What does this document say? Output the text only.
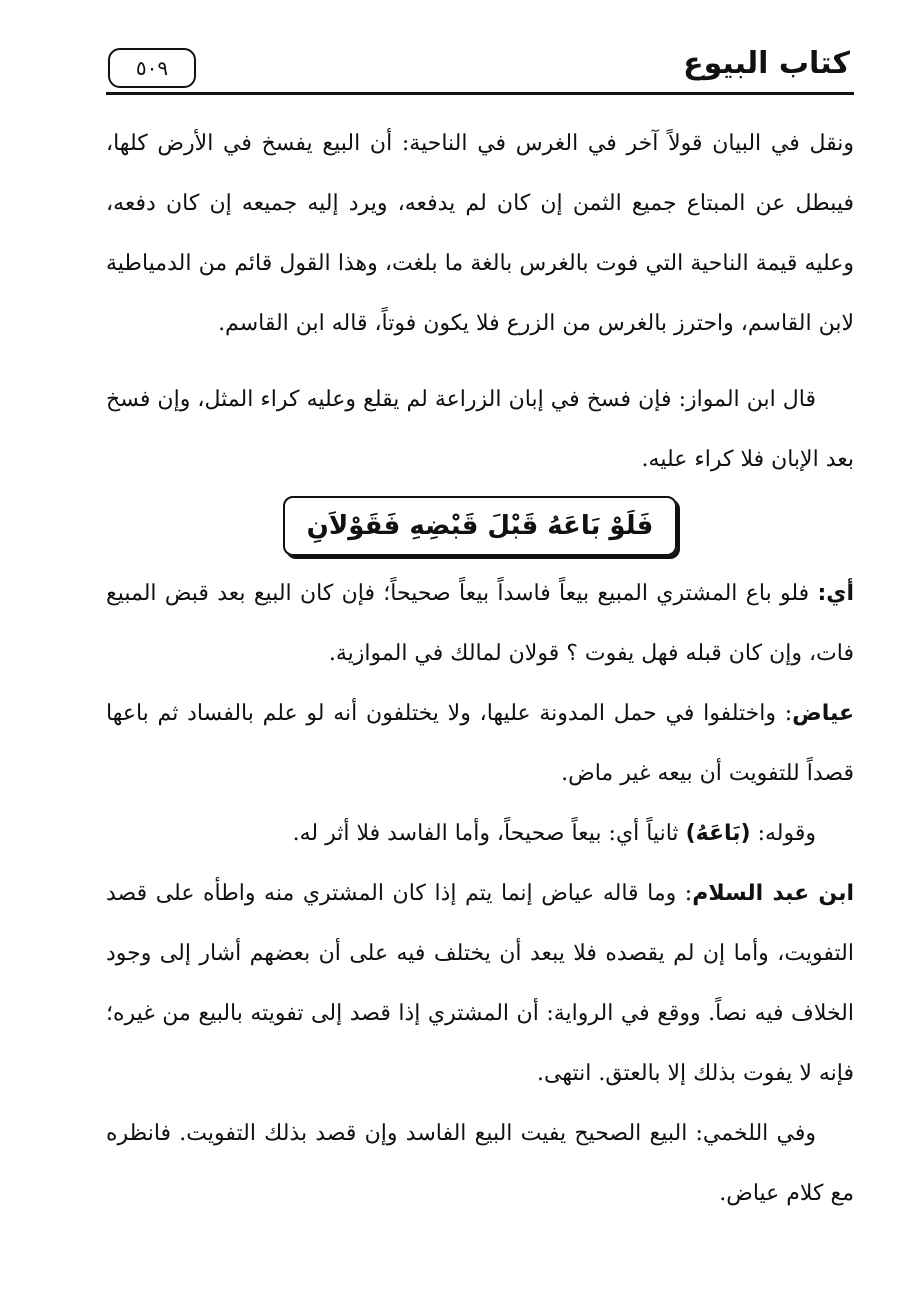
٥٠٩	كتاب البيوع

ونقل في البيان قولاً آخر في الغرس في الناحية: أن البيع يفسخ في الأرض كلها، فيبطل عن المبتاع جميع الثمن إن كان لم يدفعه، ويرد إليه جميعه إن كان دفعه، وعليه قيمة الناحية التي فوت بالغرس بالغة ما بلغت، وهذا القول قائم من الدمياطية لابن القاسم، واحترز بالغرس من الزرع فلا يكون فوتاً، قاله ابن القاسم.

قال ابن المواز: فإن فسخ في إبان الزراعة لم يقلع وعليه كراء المثل، وإن فسخ بعد الإبان فلا كراء عليه.

فَلَوْ بَاعَهُ قَبْلَ قَبْضِهِ فَقَوْلاَنِ

أي: فلو باع المشتري المبيع بيعاً فاسداً بيعاً صحيحاً؛ فإن كان البيع بعد قبض المبيع فات، وإن كان قبله فهل يفوت ؟ قولان لمالك في الموازية.

عياض: واختلفوا في حمل المدونة عليها، ولا يختلفون أنه لو علم بالفساد ثم باعها قصداً للتفويت أن بيعه غير ماض.

وقوله: (بَاعَهُ) ثانياً أي: بيعاً صحيحاً، وأما الفاسد فلا أثر له.

ابن عبد السلام: وما قاله عياض إنما يتم إذا كان المشتري منه واطأه على قصد التفويت، وأما إن لم يقصده فلا يبعد أن يختلف فيه على أن بعضهم أشار إلى وجود الخلاف فيه نصاً. ووقع في الرواية: أن المشتري إذا قصد إلى تفويته بالبيع من غيره؛ فإنه لا يفوت بذلك إلا بالعتق. انتهى.

وفي اللخمي: البيع الصحيح يفيت البيع الفاسد وإن قصد بذلك التفويت. فانظره مع كلام عياض.
